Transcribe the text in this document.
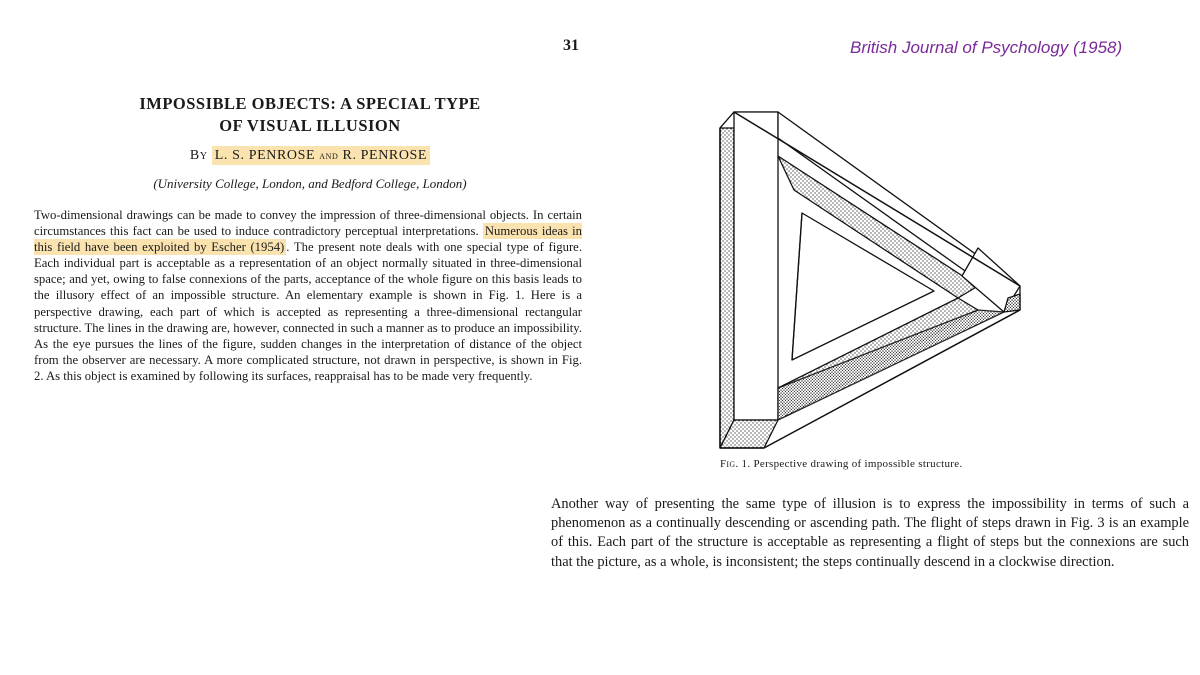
31	British Journal of Psychology (1958)
IMPOSSIBLE OBJECTS: A SPECIAL TYPE
OF VISUAL ILLUSION
By L. S. PENROSE and R. PENROSE
(University College, London, and Bedford College, London)
Two-dimensional drawings can be made to convey the impression of three-dimensional objects. In certain circumstances this fact can be used to induce contradictory perceptual interpretations. Numerous ideas in this field have been exploited by Escher (1954) . The present note deals with one special type of figure. Each individual part is acceptable as a representation of an object normally situated in three-dimensional space; and yet, owing to false connexions of the parts, acceptance of the whole figure on this basis leads to the illusory effect of an impossible structure. An elementary example is shown in Fig. 1. Here is a perspective drawing, each part of which is accepted as representing a three-dimensional rectangular structure. The lines in the drawing are, however, connected in such a manner as to produce an impossibility. As the eye pursues the lines of the figure, sudden changes in the interpretation of distance of the object from the observer are necessary. A more complicated structure, not drawn in perspective, is shown in Fig. 2. As this object is examined by following its surfaces, reappraisal has to be made very frequently.
Fig. 1. Perspective drawing of impossible structure.
Another way of presenting the same type of illusion is to express the impossibility in terms of such a phenomenon as a continually descending or ascending path. The flight of steps drawn in Fig. 3 is an example of this. Each part of the structure is acceptable as representing a flight of steps but the connexions are such that the picture, as a whole, is inconsistent; the steps continually descend in a clockwise direction.
